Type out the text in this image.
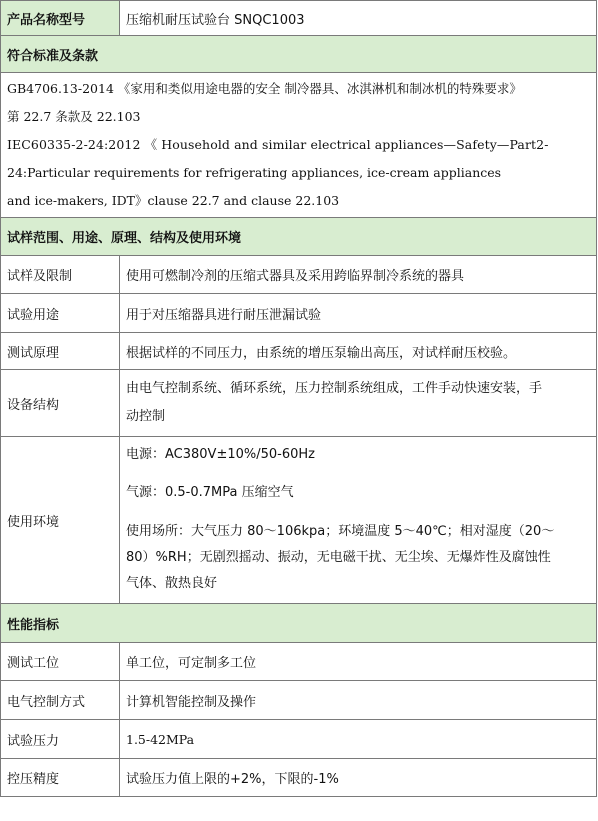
产品名称型号	压缩机耐压试验台 SNQC1003
符合标准及条款	

GB4706.13-2014 《家用和类似用途电器的安全 制冷器具、冰淇淋机和制冰机的特殊要求》

第 22.7 条款及 22.103

IEC60335-2-24:2012 《 Household and similar electrical appliances—Safety—Part2-

24:Particular requirements for refrigerating appliances, ice-cream appliances

and ice-makers, IDT》clause 22.7 and clause 22.103	

试样范围、用途、原理、结构及使用环境	
试样及限制	使用可燃制冷剂的压缩式器具及采用跨临界制冷系统的器具
试验用途	用于对压缩器具进行耐压泄漏试验
测试原理	根据试样的不同压力，由系统的增压泵输出高压，对试样耐压校验。
设备结构	由电气控制系统、循环系统，压力控制系统组成，工件手动快速安装，手

动控制

使用环境	电源：AC380V±10%/50-60Hz

气源：0.5-0.7MPa 压缩空气

使用场所：大气压力 80～106kpa；环境温度 5～40℃；相对湿度（20～

80）%RH；无剧烈摇动、振动，无电磁干扰、无尘埃、无爆炸性及腐蚀性

气体、散热良好

性能指标	
测试工位	单工位，可定制多工位
电气控制方式	计算机智能控制及操作
试验压力	1.5-42MPa
控压精度	试验压力值上限的+2%，下限的-1%
